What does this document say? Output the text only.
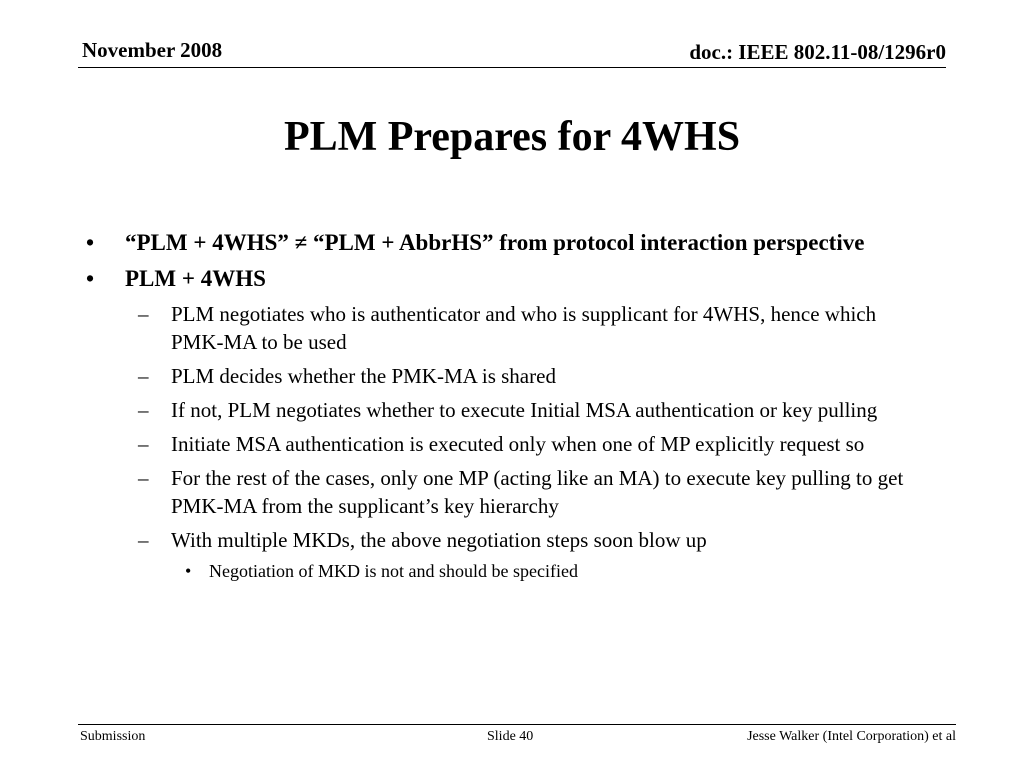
November 2008	doc.: IEEE 802.11-08/1296r0
PLM Prepares for 4WHS
• “PLM + 4WHS” ≠ “PLM + AbbrHS” from protocol interaction perspective
• PLM + 4WHS
– PLM negotiates who is authenticator and who is supplicant for 4WHS, hence which PMK-MA to be used
– PLM decides whether the PMK-MA is shared
– If not, PLM negotiates whether to execute Initial MSA authentication or key pulling
– Initiate MSA authentication is executed only when one of MP explicitly request so
– For the rest of the cases, only one MP (acting like an MA) to execute key pulling to get PMK-MA from the supplicant’s key hierarchy
– With multiple MKDs, the above negotiation steps soon blow up
• Negotiation of MKD is not and should be specified
Submission	Slide 40	Jesse Walker (Intel Corporation) et al
